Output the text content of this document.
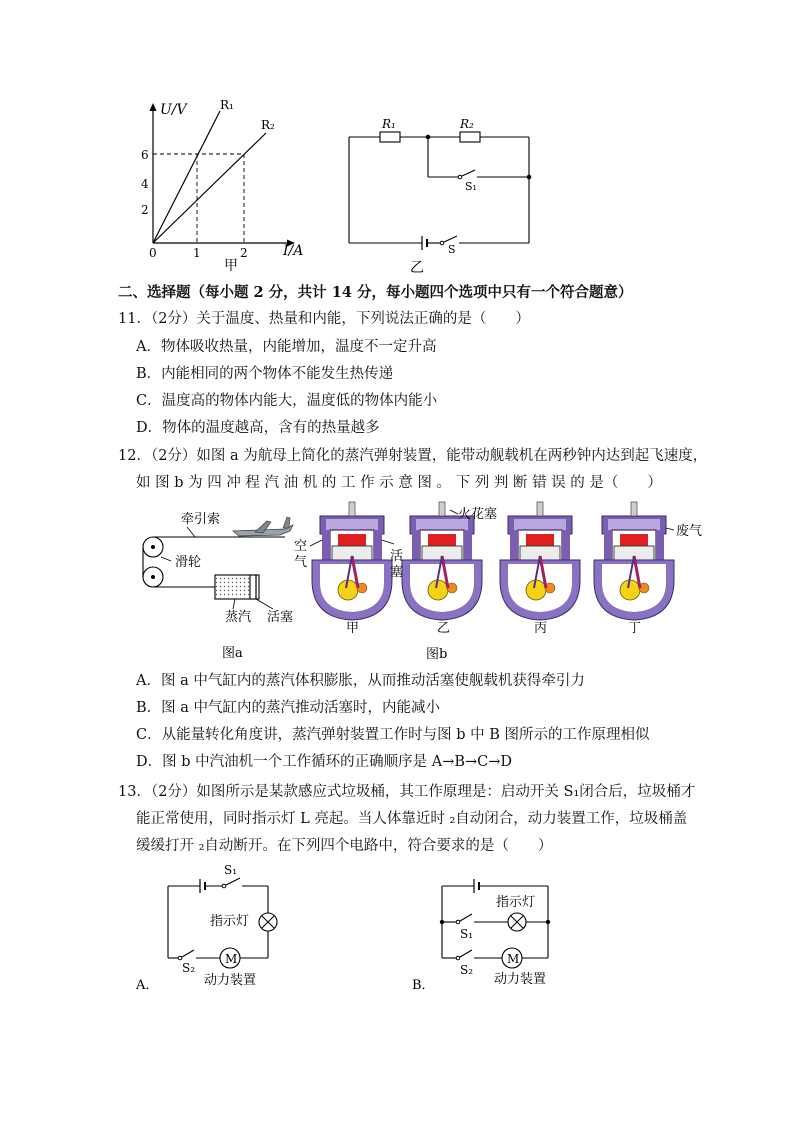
U/V	R₁
R₂
6
4
2
0	1	2	I/A
甲
R₁	R₂
S₁
S
乙
二、选择题（每小题 2 分，共计 14 分，每小题四个选项中只有一个符合题意）
11．（2分）关于温度、热量和内能，下列说法正确的是（　　）
A．物体吸收热量，内能增加，温度不一定升高
B．内能相同的两个物体不能发生热传递
C．温度高的物体内能大，温度低的物体内能小
D．物体的温度越高，含有的热量越多
12．（2分）如图 a 为航母上简化的蒸汽弹射装置，能带动舰载机在两秒钟内达到起飞速度，
如 图 b 为 四 冲 程 汽 油 机 的 工 作 示 意 图 。 下 列 判 断 错 误 的 是（　　）
牵引索
滑轮
蒸汽 活塞
图a
空
气	活
塞
火花塞
废气
甲	乙	丙	丁
图b
A．图 a 中气缸内的蒸汽体积膨胀，从而推动活塞使舰载机获得牵引力
B．图 a 中气缸内的蒸汽推动活塞时，内能减小
C．从能量转化角度讲，蒸汽弹射装置工作时与图 b 中 B 图所示的工作原理相似
D．图 b 中汽油机一个工作循环的正确顺序是 A→B→C→D
13．（2分）如图所示是某款感应式垃圾桶，其工作原理是：启动开关 S₁闭合后，垃圾桶才
能正常使用，同时指示灯 L 亮起。当人体靠近时 ₂自动闭合，动力装置工作，垃圾桶盖
缓缓打开 ₂自动断开。在下列四个电路中，符合要求的是（　　）
S₁
指示灯
S₂
M
动力装置
A．
指示灯
S₁
S₂
M
动力装置
B．
